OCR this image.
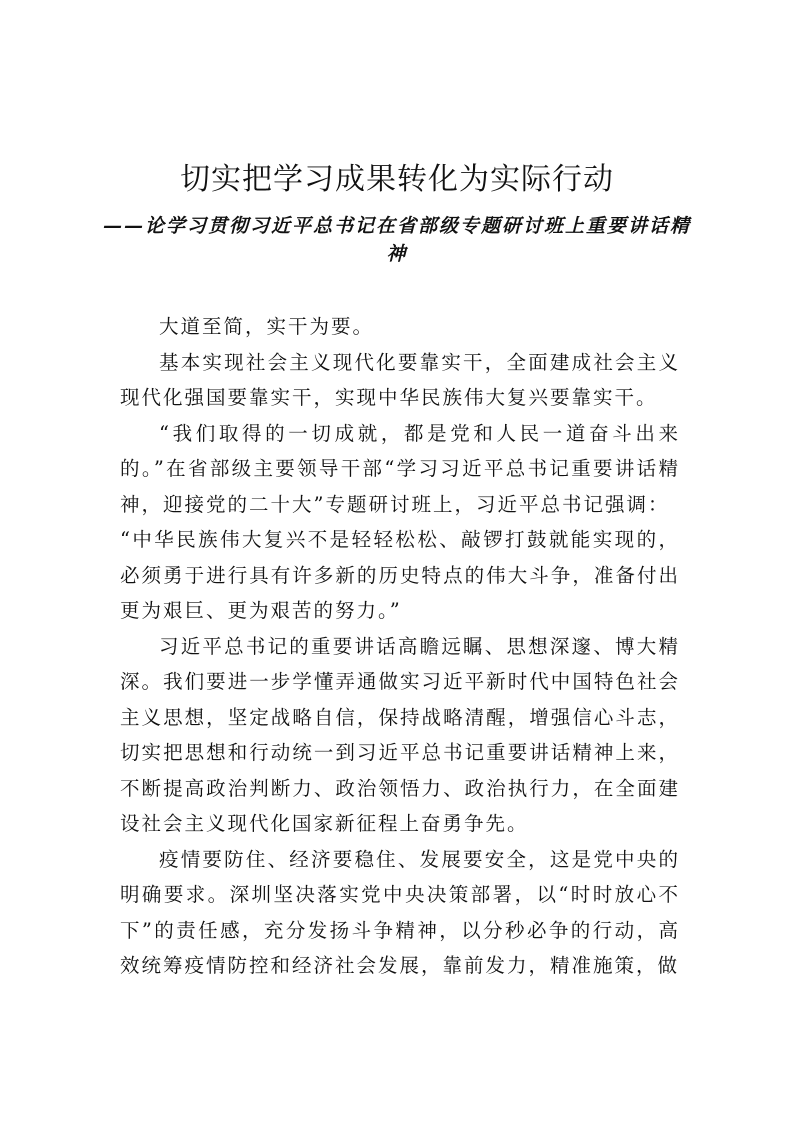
切实把学习成果转化为实际行动
——论学习贯彻习近平总书记在省部级专题研讨班上重要讲话精神

大道至简，实干为要。

基本实现社会主义现代化要靠实干，全面建成社会主义现代化强国要靠实干，实现中华民族伟大复兴要靠实干。

“我们取得的一切成就，都是党和人民一道奋斗出来的。”在省部级主要领导干部“学习习近平总书记重要讲话精神，迎接党的二十大”专题研讨班上，习近平总书记强调：

“中华民族伟大复兴不是轻轻松松、敲锣打鼓就能实现的，必须勇于进行具有许多新的历史特点的伟大斗争，准备付出更为艰巨、更为艰苦的努力。”

习近平总书记的重要讲话高瞻远瞩、思想深邃、博大精深。我们要进一步学懂弄通做实习近平新时代中国特色社会主义思想，坚定战略自信，保持战略清醒，增强信心斗志，切实把思想和行动统一到习近平总书记重要讲话精神上来，不断提高政治判断力、政治领悟力、政治执行力，在全面建设社会主义现代化国家新征程上奋勇争先。

疫情要防住、经济要稳住、发展要安全，这是党中央的明确要求。深圳坚决落实党中央决策部署，以“时时放心不下”的责任感，充分发扬斗争精神，以分秒必争的行动，高效统筹疫情防控和经济社会发展，靠前发力，精准施策，做
